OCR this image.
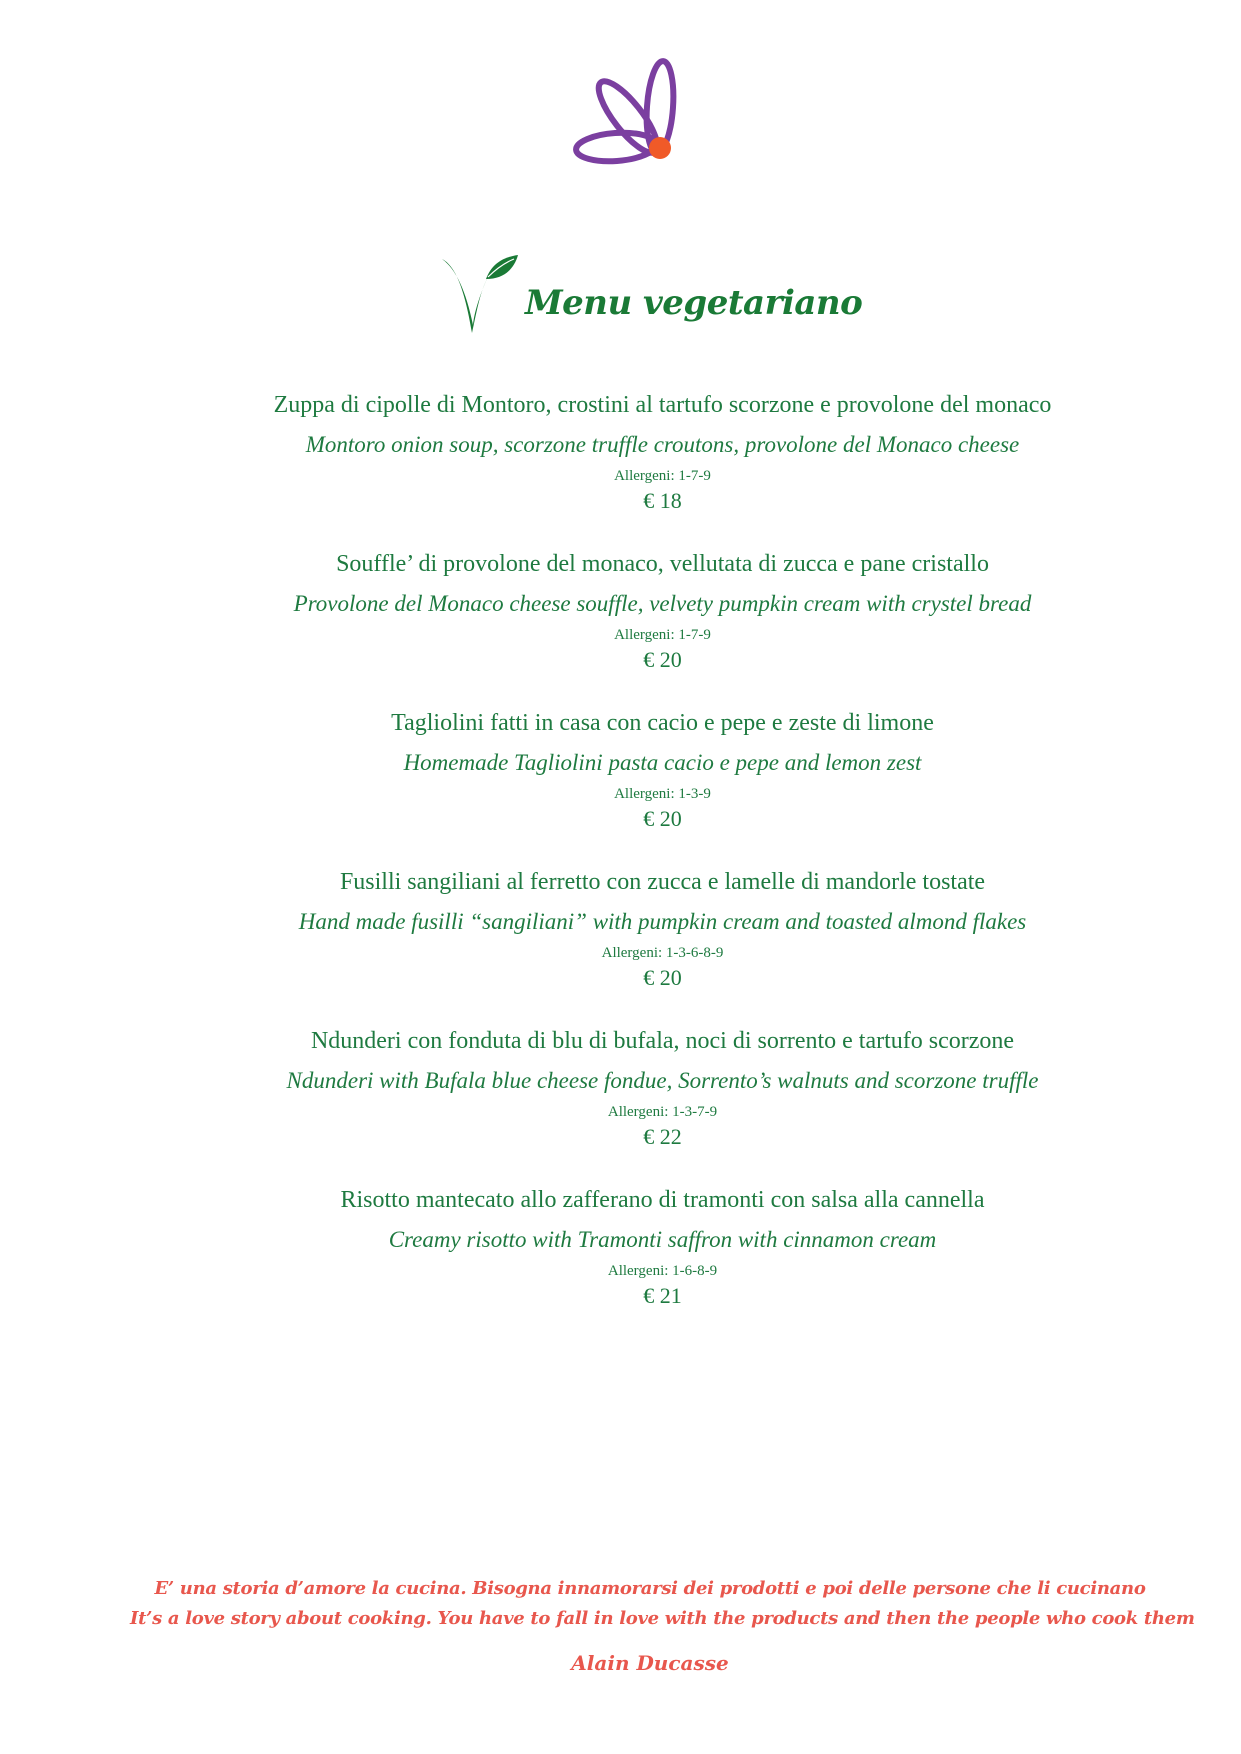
Menu vegetariano
Zuppa di cipolle di Montoro, crostini al tartufo scorzone e provolone del monaco
Montoro onion soup, scorzone truffle croutons, provolone del Monaco cheese
Allergeni: 1-7-9
€ 18
Souffle’ di provolone del monaco, vellutata di zucca e pane cristallo
Provolone del Monaco cheese souffle, velvety pumpkin cream with crystel bread
Allergeni: 1-7-9
€ 20
Tagliolini fatti in casa con cacio e pepe e zeste di limone
Homemade Tagliolini pasta cacio e pepe and lemon zest
Allergeni: 1-3-9
€ 20
Fusilli sangiliani al ferretto con zucca e lamelle di mandorle tostate
Hand made fusilli “sangiliani” with pumpkin cream and toasted almond flakes
Allergeni: 1-3-6-8-9
€ 20
Ndunderi con fonduta di blu di bufala, noci di sorrento e tartufo scorzone
Ndunderi with Bufala blue cheese fondue, Sorrento’s walnuts and scorzone truffle
Allergeni: 1-3-7-9
€ 22
Risotto mantecato allo zafferano di tramonti con salsa alla cannella
Creamy risotto with Tramonti saffron with cinnamon cream
Allergeni: 1-6-8-9
€ 21
E’ una storia d’amore la cucina. Bisogna innamorarsi dei prodotti e poi delle persone che li cucinano
It’s a love story about cooking. You have to fall in love with the products and then the people who cook them
Alain Ducasse
